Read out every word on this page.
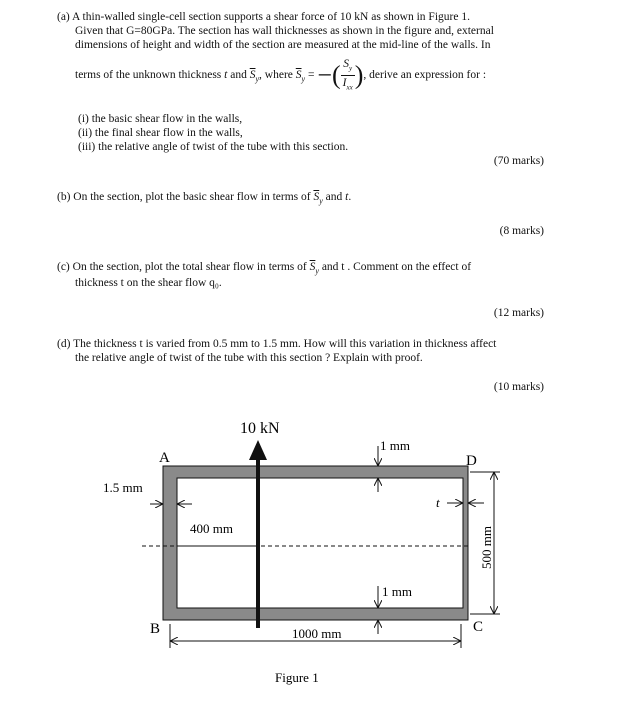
(a) A thin-walled single-cell section supports a shear force of 10 kN as shown in Figure 1.
Given that G=80GPa. The section has wall thicknesses as shown in the figure and, external
dimensions of height and width of the section are measured at the mid-line of the walls. In
terms of the unknown thickness t and $\overline{S}_y$, where $\overline{S}_y$ = −( $\frac{S_y}{I_{xx}}$ ), derive an expression for :
(i) the basic shear flow in the walls,
(ii) the final shear flow in the walls,
(iii) the relative angle of twist of the tube with this section.
(70 marks)
(b) On the section, plot the basic shear flow in terms of $\overline{S}_y$ and t.
(8 marks)
(c) On the section, plot the total shear flow in terms of $\overline{S}_y$ and t . Comment on the effect of
thickness t on the shear flow q₀.
(12 marks)
(d) The thickness t is varied from 0.5 mm to 1.5 mm. How will this variation in thickness affect
the relative angle of twist of the tube with this section ? Explain with proof.
(10 marks)
400 mm
10 kN
A	D
B	C
1.5 mm
1 mm
1 mm
t
500 mm
1000 mm
Figure 1
